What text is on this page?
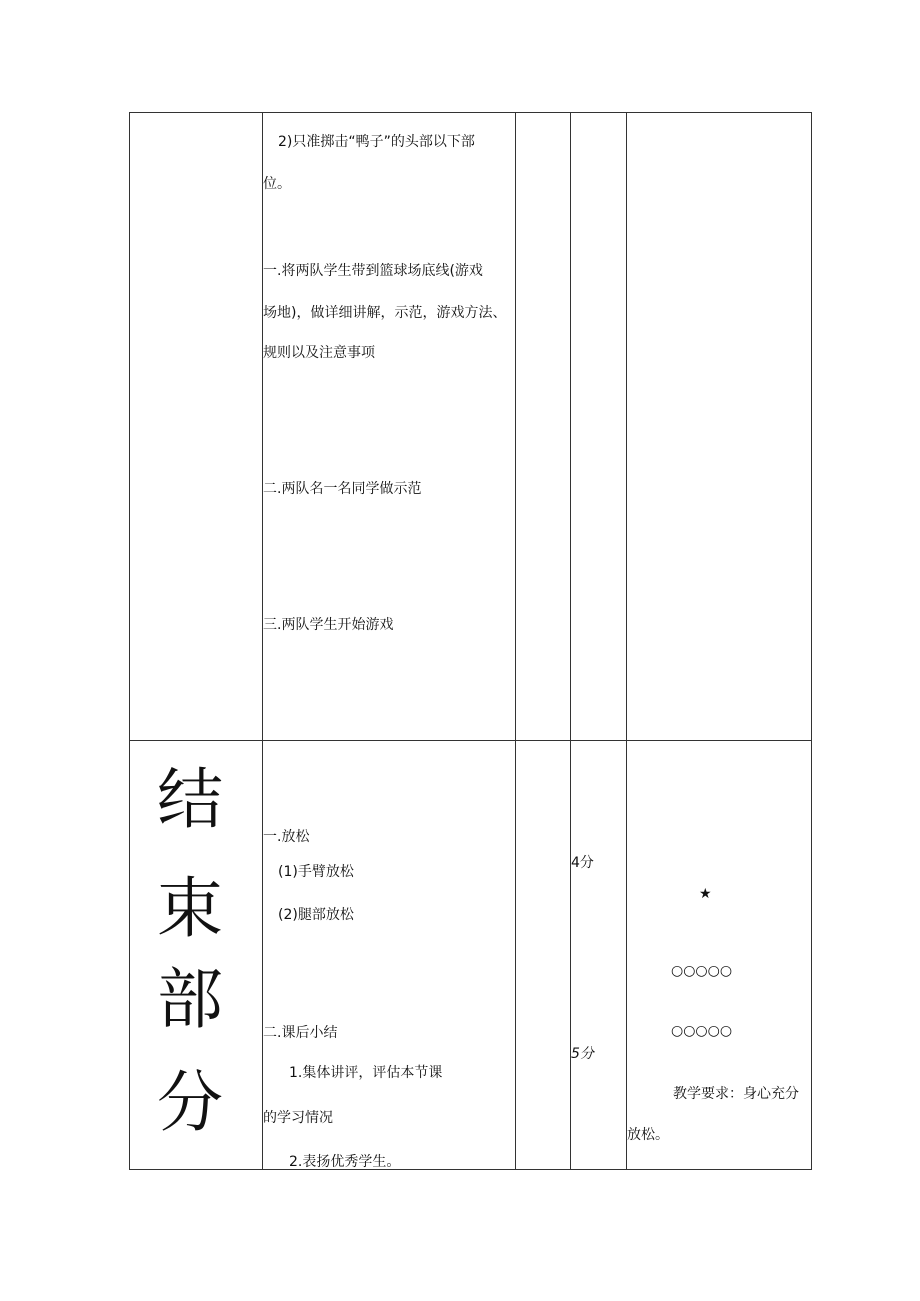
2)只准掷击“鸭子”的头部以下部
位。
一.将两队学生带到篮球场底线(游戏
场地)，做详细讲解，示范，游戏方法、
规则以及注意事项
二.两队名一名同学做示范
三.两队学生开始游戏
结
束
部
分
一.放松
(1)手臂放松
(2)腿部放松
二.课后小结
1.集体讲评，评估本节课
的学习情况
2.表扬优秀学生。
4分
5分
★
○○○○○
○○○○○
教学要求：身心充分
放松。
